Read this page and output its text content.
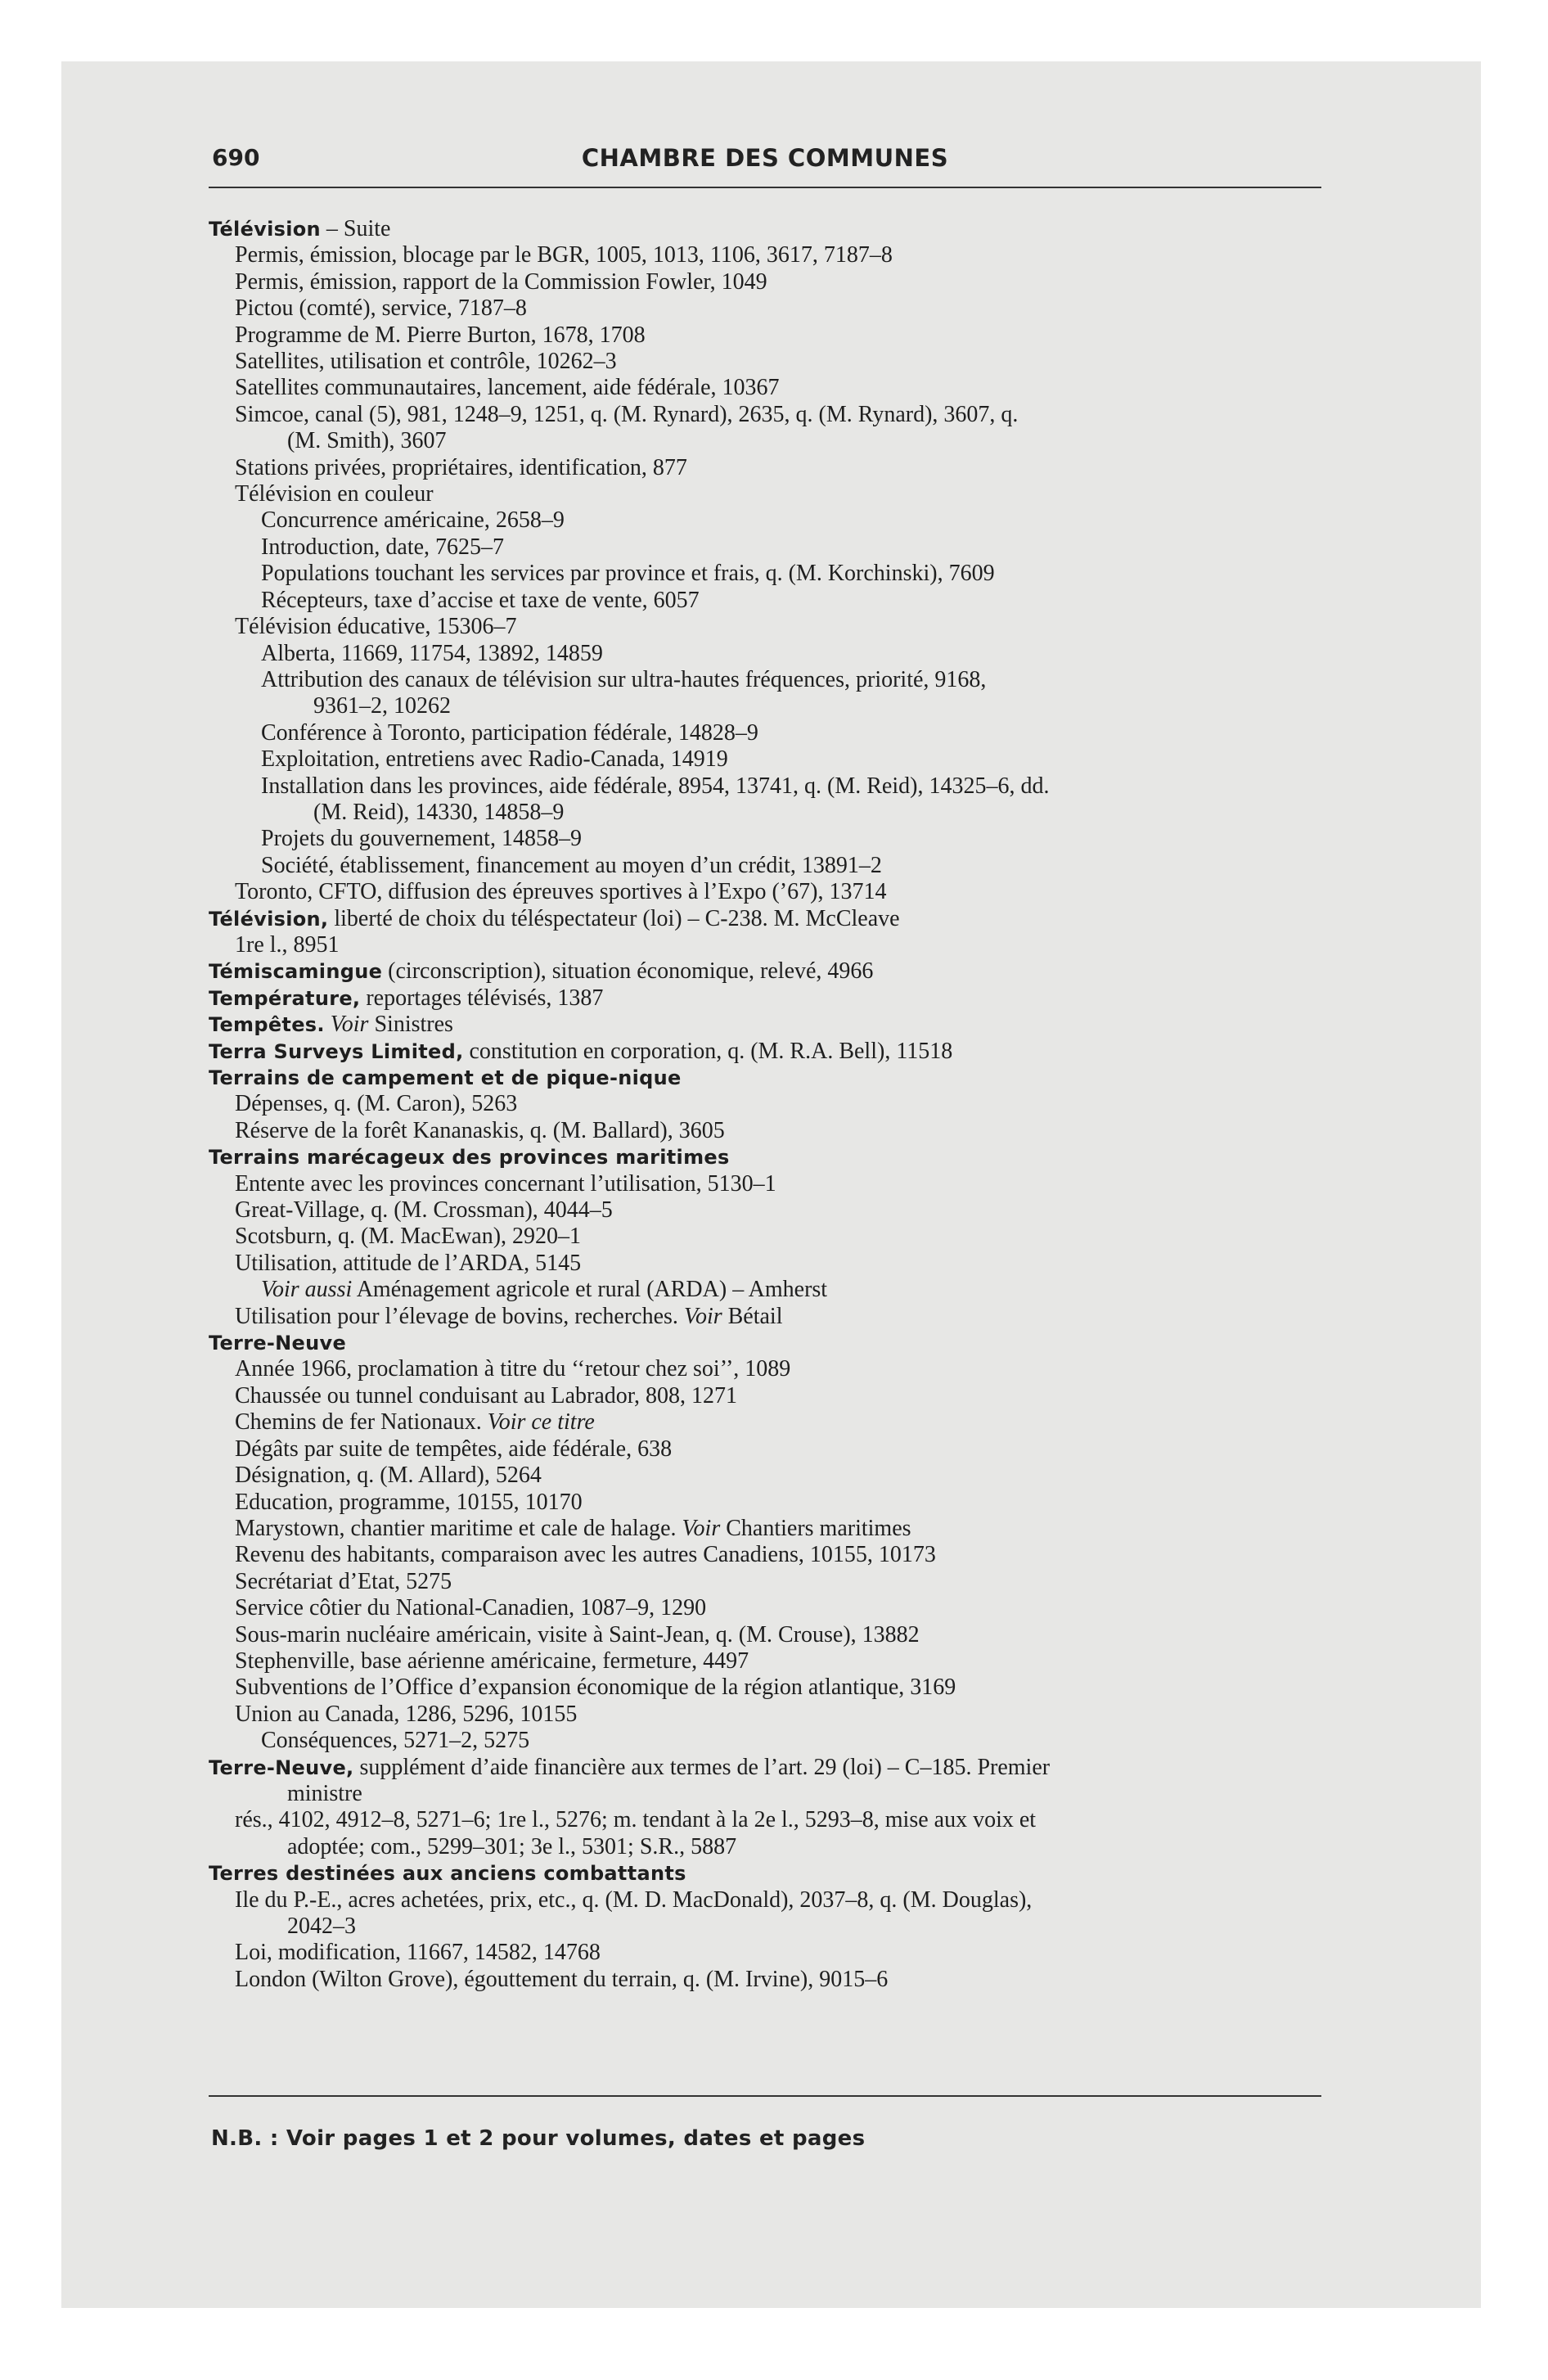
690	CHAMBRE DES COMMUNES
Télévision – Suite
Permis, émission, blocage par le BGR, 1005, 1013, 1106, 3617, 7187–8
Permis, émission, rapport de la Commission Fowler, 1049
Pictou (comté), service, 7187–8
Programme de M. Pierre Burton, 1678, 1708
Satellites, utilisation et contrôle, 10262–3
Satellites communautaires, lancement, aide fédérale, 10367
Simcoe, canal (5), 981, 1248–9, 1251, q. (M. Rynard), 2635, q. (M. Rynard), 3607, q.
(M. Smith), 3607
Stations privées, propriétaires, identification, 877
Télévision en couleur
Concurrence américaine, 2658–9
Introduction, date, 7625–7
Populations touchant les services par province et frais, q. (M. Korchinski), 7609
Récepteurs, taxe d’accise et taxe de vente, 6057
Télévision éducative, 15306–7
Alberta, 11669, 11754, 13892, 14859
Attribution des canaux de télévision sur ultra-hautes fréquences, priorité, 9168,
9361–2, 10262
Conférence à Toronto, participation fédérale, 14828–9
Exploitation, entretiens avec Radio-Canada, 14919
Installation dans les provinces, aide fédérale, 8954, 13741, q. (M. Reid), 14325–6, dd.
(M. Reid), 14330, 14858–9
Projets du gouvernement, 14858–9
Société, établissement, financement au moyen d’un crédit, 13891–2
Toronto, CFTO, diffusion des épreuves sportives à l’Expo (’67), 13714
Télévision, liberté de choix du téléspectateur (loi) – C-238. M. McCleave
1re l., 8951
Témiscamingue (circonscription), situation économique, relevé, 4966
Température, reportages télévisés, 1387
Tempêtes. Voir Sinistres
Terra Surveys Limited, constitution en corporation, q. (M. R.A. Bell), 11518
Terrains de campement et de pique-nique
Dépenses, q. (M. Caron), 5263
Réserve de la forêt Kananaskis, q. (M. Ballard), 3605
Terrains marécageux des provinces maritimes
Entente avec les provinces concernant l’utilisation, 5130–1
Great-Village, q. (M. Crossman), 4044–5
Scotsburn, q. (M. MacEwan), 2920–1
Utilisation, attitude de l’ARDA, 5145
Voir aussi Aménagement agricole et rural (ARDA) – Amherst
Utilisation pour l’élevage de bovins, recherches. Voir Bétail
Terre-Neuve
Année 1966, proclamation à titre du ‘‘retour chez soi’’, 1089
Chaussée ou tunnel conduisant au Labrador, 808, 1271
Chemins de fer Nationaux. Voir ce titre
Dégâts par suite de tempêtes, aide fédérale, 638
Désignation, q. (M. Allard), 5264
Education, programme, 10155, 10170
Marystown, chantier maritime et cale de halage. Voir Chantiers maritimes
Revenu des habitants, comparaison avec les autres Canadiens, 10155, 10173
Secrétariat d’Etat, 5275
Service côtier du National-Canadien, 1087–9, 1290
Sous-marin nucléaire américain, visite à Saint-Jean, q. (M. Crouse), 13882
Stephenville, base aérienne américaine, fermeture, 4497
Subventions de l’Office d’expansion économique de la région atlantique, 3169
Union au Canada, 1286, 5296, 10155
Conséquences, 5271–2, 5275
Terre-Neuve, supplément d’aide financière aux termes de l’art. 29 (loi) – C–185. Premier
ministre
rés., 4102, 4912–8, 5271–6; 1re l., 5276; m. tendant à la 2e l., 5293–8, mise aux voix et
adoptée; com., 5299–301; 3e l., 5301; S.R., 5887
Terres destinées aux anciens combattants
Ile du P.-E., acres achetées, prix, etc., q. (M. D. MacDonald), 2037–8, q. (M. Douglas),
2042–3
Loi, modification, 11667, 14582, 14768
London (Wilton Grove), égouttement du terrain, q. (M. Irvine), 9015–6
N.B. : Voir pages 1 et 2 pour volumes, dates et pages
